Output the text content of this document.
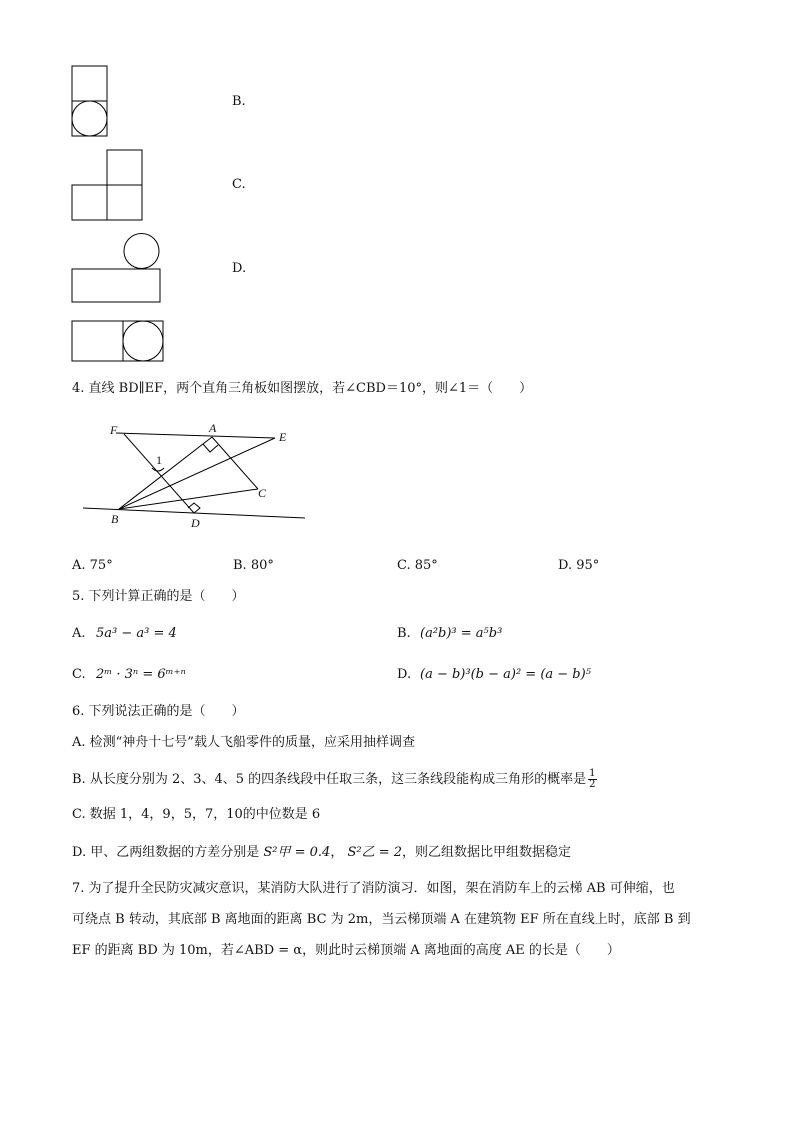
B.
C.
D.
4. 直线 BD∥EF，两个直角三角板如图摆放，若∠CBD＝10°，则∠1＝（　　）
F	A
E
1
C
B	D
A. 75°	B. 80°	C. 85°	D. 95°
5. 下列计算正确的是（　　）
A. 5a³ − a³ = 4	B. (a²b)³ = a⁵b³
C. 2ᵐ · 3ⁿ = 6ᵐ⁺ⁿ	D. (a − b)³(b − a)² = (a − b)⁵
6. 下列说法正确的是（　　）
A. 检测“神舟十七号”载人飞船零件的质量，应采用抽样调查
B. 从长度分别为 2、3、4、5 的四条线段中任取三条，这三条线段能构成三角形的概率是 $\frac{1}{2}$
C. 数据 1，4，9，5，7，10的中位数是 6
D. 甲、乙两组数据的方差分别是 S²甲 = 0.4， S²乙 = 2，则乙组数据比甲组数据稳定
7. 为了提升全民防灾减灾意识，某消防大队进行了消防演习．如图，架在消防车上的云梯 AB 可伸缩，也
可绕点 B 转动，其底部 B 离地面的距离 BC 为 2m，当云梯顶端 A 在建筑物 EF 所在直线上时，底部 B 到
EF 的距离 BD 为 10m，若∠ABD = α，则此时云梯顶端 A 离地面的高度 AE 的长是（　　）
